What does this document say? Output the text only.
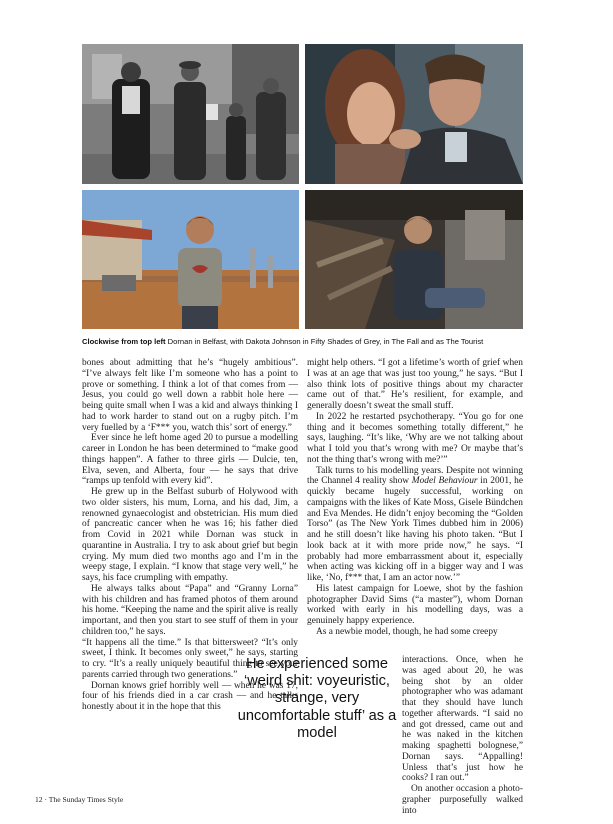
Clockwise from top left Dornan in Belfast, with Dakota Johnson in Fifty Shades of Grey, in The Fall and as The Tourist

bones about admitting that he’s “hugely ambitious”. “I’ve always felt like I’m someone who has a point to prove or something. I think a lot of that comes from — Jesus, you could go well down a rabbit hole here — being quite small when I was a kid and always thinking I had to work harder to stand out on a rugby pitch. I’m very fuelled by a ‘F*** you, watch this’ sort of energy.”

Ever since he left home aged 20 to pursue a modelling career in London he has been determined to “make good things happen”. A father to three girls — Dulcie, ten, Elva, seven, and Alberta, four — he says that drive “ramps up tenfold with every kid”.

He grew up in the Belfast suburb of Holywood with two older sisters, his mum, Lorna, and his dad, Jim, a renowned gynaecologist and obstetrician. His mum died of pancreatic cancer when he was 16; his father died from Covid in 2021 while Dornan was stuck in quarantine in Australia. I try to ask about grief but begin crying. My mum died two months ago and I’m in the weepy stage, I explain. “I know that stage very well,” he says, his face crumpling with empathy.

He always talks about “Papa” and “Granny Lorna” with his children and has framed photos of them around his home. “Keeping the name and the spirit alive is really important, and then you start to see stuff of them in your children too,” he says.

“It happens all the time.” Is that bittersweet? “It’s only sweet, I think. It becomes only sweet,” he says, starting to cry. “It’s a really uniquely beautiful thing to see your parents carried through two generations.”

Dornan knows grief horribly well — when he was 17, four of his friends died in a car crash — and he talks honestly about it in the hope that this

might help others. “I got a lifetime’s worth of grief when I was at an age that was just too young,” he says. “But I also think lots of positive things about my character came out of that.” He’s resilient, for example, and generally doesn’t sweat the small stuff.

In 2022 he restarted psychotherapy. “You go for one thing and it becomes something totally different,” he says, laughing. “It’s like, ‘Why are we not talking about what I told you that’s wrong with me? Or maybe that’s not the thing that’s wrong with me?’”

Talk turns to his modelling years. Despite not winning the Channel 4 reality show Model Behaviour in 2001, he quickly became hugely successful, working on campaigns with the likes of Kate Moss, Gisele Bündchen and Eva Mendes. He didn’t enjoy becoming the “Golden Torso” (as The New York Times dubbed him in 2006) and he still doesn’t like having his photo taken. “But I look back at it with more pride now,” he says. “I probably had more embarrassment about it, especially when acting was kicking off in a bigger way and I was like, ‘No, f*** that, I am an actor now.’”

His latest campaign for Loewe, shot by the fashion photographer David Sims (“a master”), whom Dornan worked with early in his modelling days, was a genuinely happy experience.

As a newbie model, though, he had some creepy

interactions. Once, when he was aged about 20, he was being shot by an older photographer who was adamant that they should have lunch together afterwards. “I said no and got dressed, came out and he was naked in the kitchen making spaghetti bolognese,” Dornan says. “Appalling! Unless that’s just how he cooks? I ran out.”

On another occasion a photographer purposefully walked into

He experienced some ‘weird shit: voyeuristic, strange, very uncomfortable stuff’ as a model
12 · The Sunday Times Style
